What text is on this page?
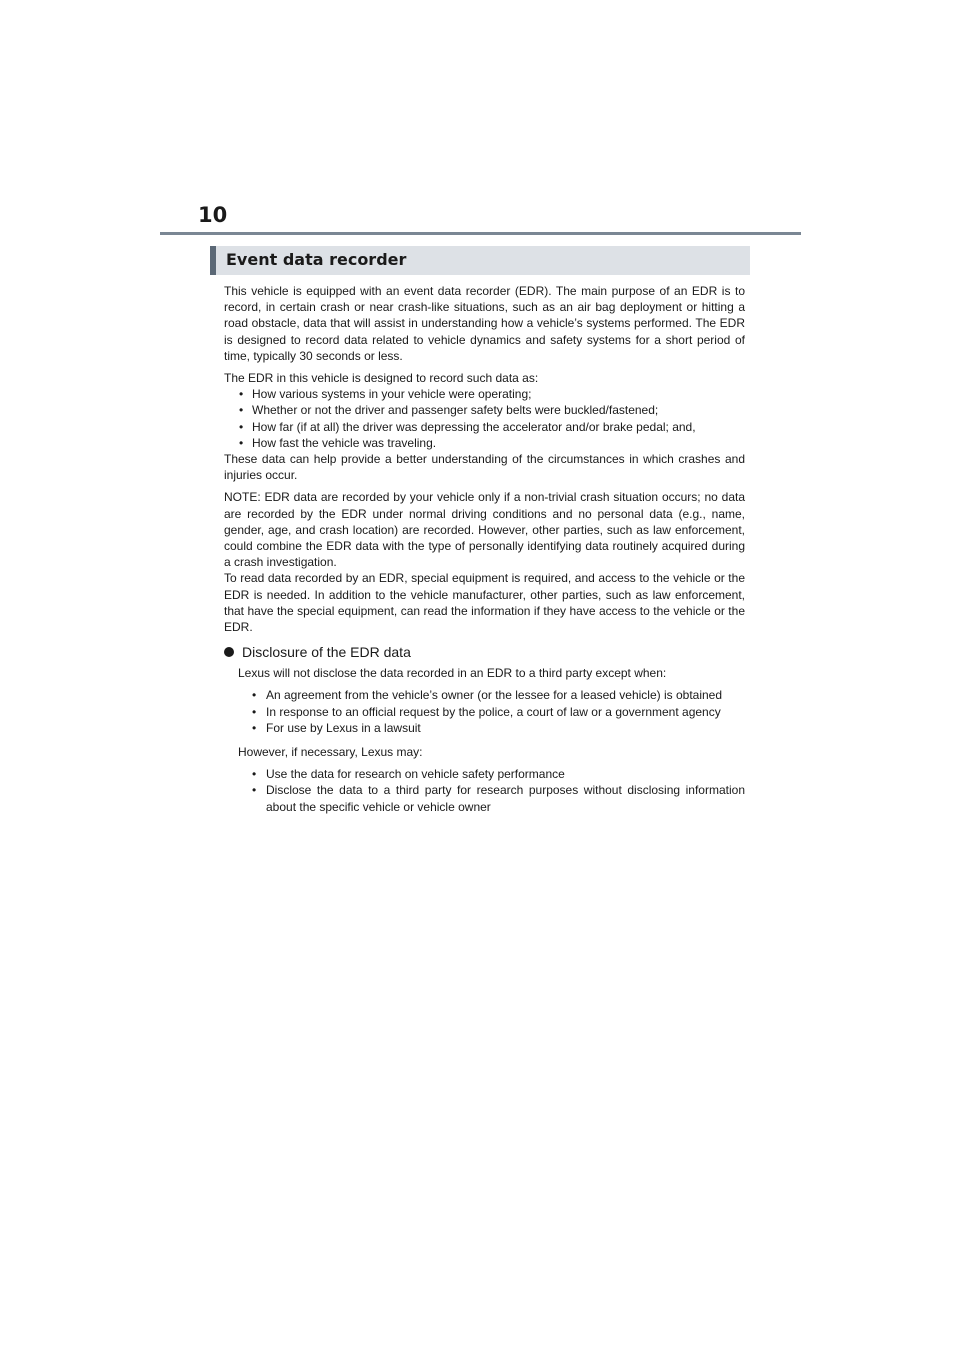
10
Event data recorder

This vehicle is equipped with an event data recorder (EDR). The main purpose of an EDR is to record, in certain crash or near crash-like situations, such as an air bag deployment or hitting a road obstacle, data that will assist in understanding how a vehicle’s systems performed. The EDR is designed to record data related to vehicle dynamics and safety systems for a short period of time, typically 30 seconds or less.

The EDR in this vehicle is designed to record such data as:

• How various systems in your vehicle were operating;
• Whether or not the driver and passenger safety belts were buckled/fastened;
• How far (if at all) the driver was depressing the accelerator and/or brake pedal; and,
• How fast the vehicle was traveling.

These data can help provide a better understanding of the circumstances in which crashes and injuries occur.

NOTE: EDR data are recorded by your vehicle only if a non-trivial crash situation occurs; no data are recorded by the EDR under normal driving conditions and no personal data (e.g., name, gender, age, and crash location) are recorded. However, other parties, such as law enforcement, could combine the EDR data with the type of personally identifying data routinely acquired during a crash investigation.

To read data recorded by an EDR, special equipment is required, and access to the vehicle or the EDR is needed. In addition to the vehicle manufacturer, other parties, such as law enforcement, that have the special equipment, can read the information if they have access to the vehicle or the EDR.

Disclosure of the EDR data

Lexus will not disclose the data recorded in an EDR to a third party except when:

• An agreement from the vehicle’s owner (or the lessee for a leased vehicle) is obtained
• In response to an official request by the police, a court of law or a government agency
• For use by Lexus in a lawsuit

However, if necessary, Lexus may:

• Use the data for research on vehicle safety performance
• Disclose the data to a third party for research purposes without disclosing information about the specific vehicle or vehicle owner
